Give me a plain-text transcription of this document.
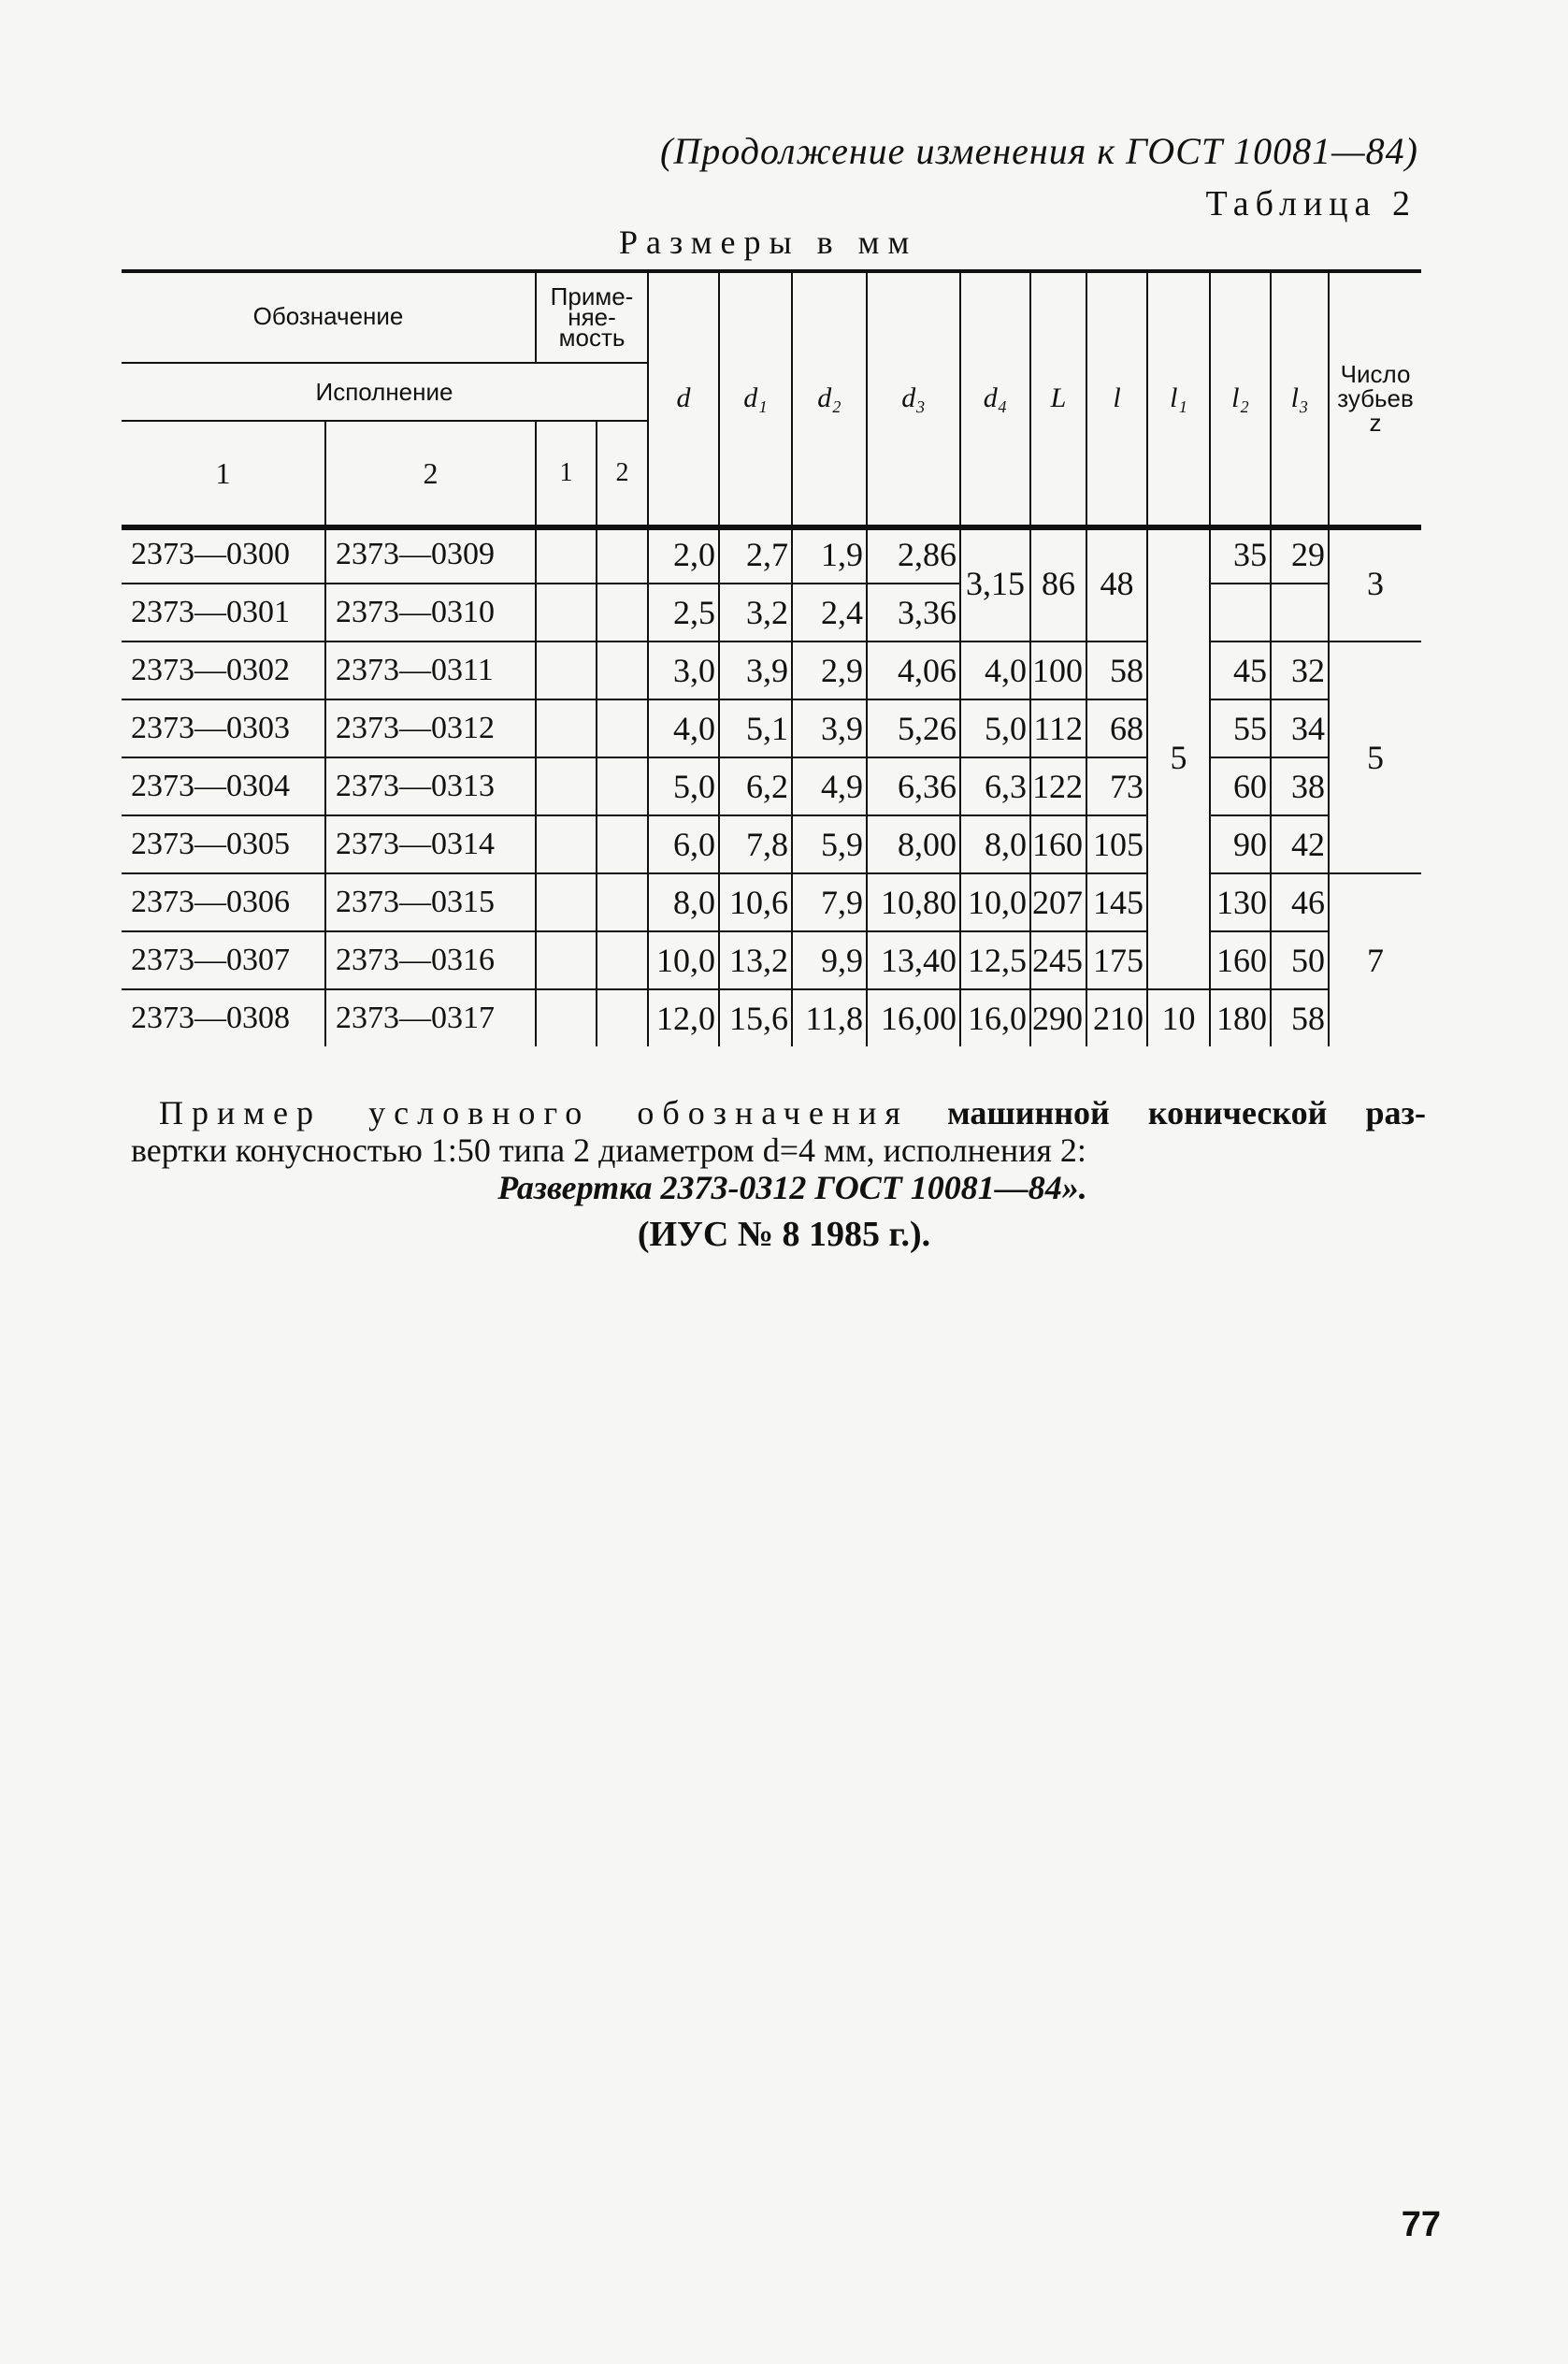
(Продолжение изменения к ГОСТ 10081—84)
Таблица 2
Размеры в мм
Обозначение		Приме-
няе-
мость		d	d₁	d₂	d₃	d₄	L	l	l₁	l₂	l₃	Число
зубьев
z
Исполнение														
1	2	1	2											
2373—0300	2373—0309			2,0	2,7	1,9	2,86	3,15	86	48	5	35	29	3
2373—0301	2373—0310			2,5	3,2	2,4	3,36							
2373—0302	2373—0311			3,0	3,9	2,9	4,06	4,0	100	58		45	32	5
2373—0303	2373—0312			4,0	5,1	3,9	5,26	5,0	112	68		55	34	
2373—0304	2373—0313			5,0	6,2	4,9	6,36	6,3	122	73		60	38	
2373—0305	2373—0314			6,0	7,8	5,9	8,00	8,0	160	105		90	42	
2373—0306	2373—0315			8,0	10,6	7,9	10,80	10,0	207	145		130	46	7
2373—0307	2373—0316			10,0	13,2	9,9	13,40	12,5	245	175		160	50	
2373—0308	2373—0317			12,0	15,6	11,8	16,00	16,0	290	210	10	180	58	
Пример условного обозначения машинной конической раз-
вертки конусностью 1:50 типа 2 диаметром d=4 мм, исполнения 2:
Развертка 2373-0312 ГОСТ 10081—84».
(ИУС № 8 1985 г.).
77
